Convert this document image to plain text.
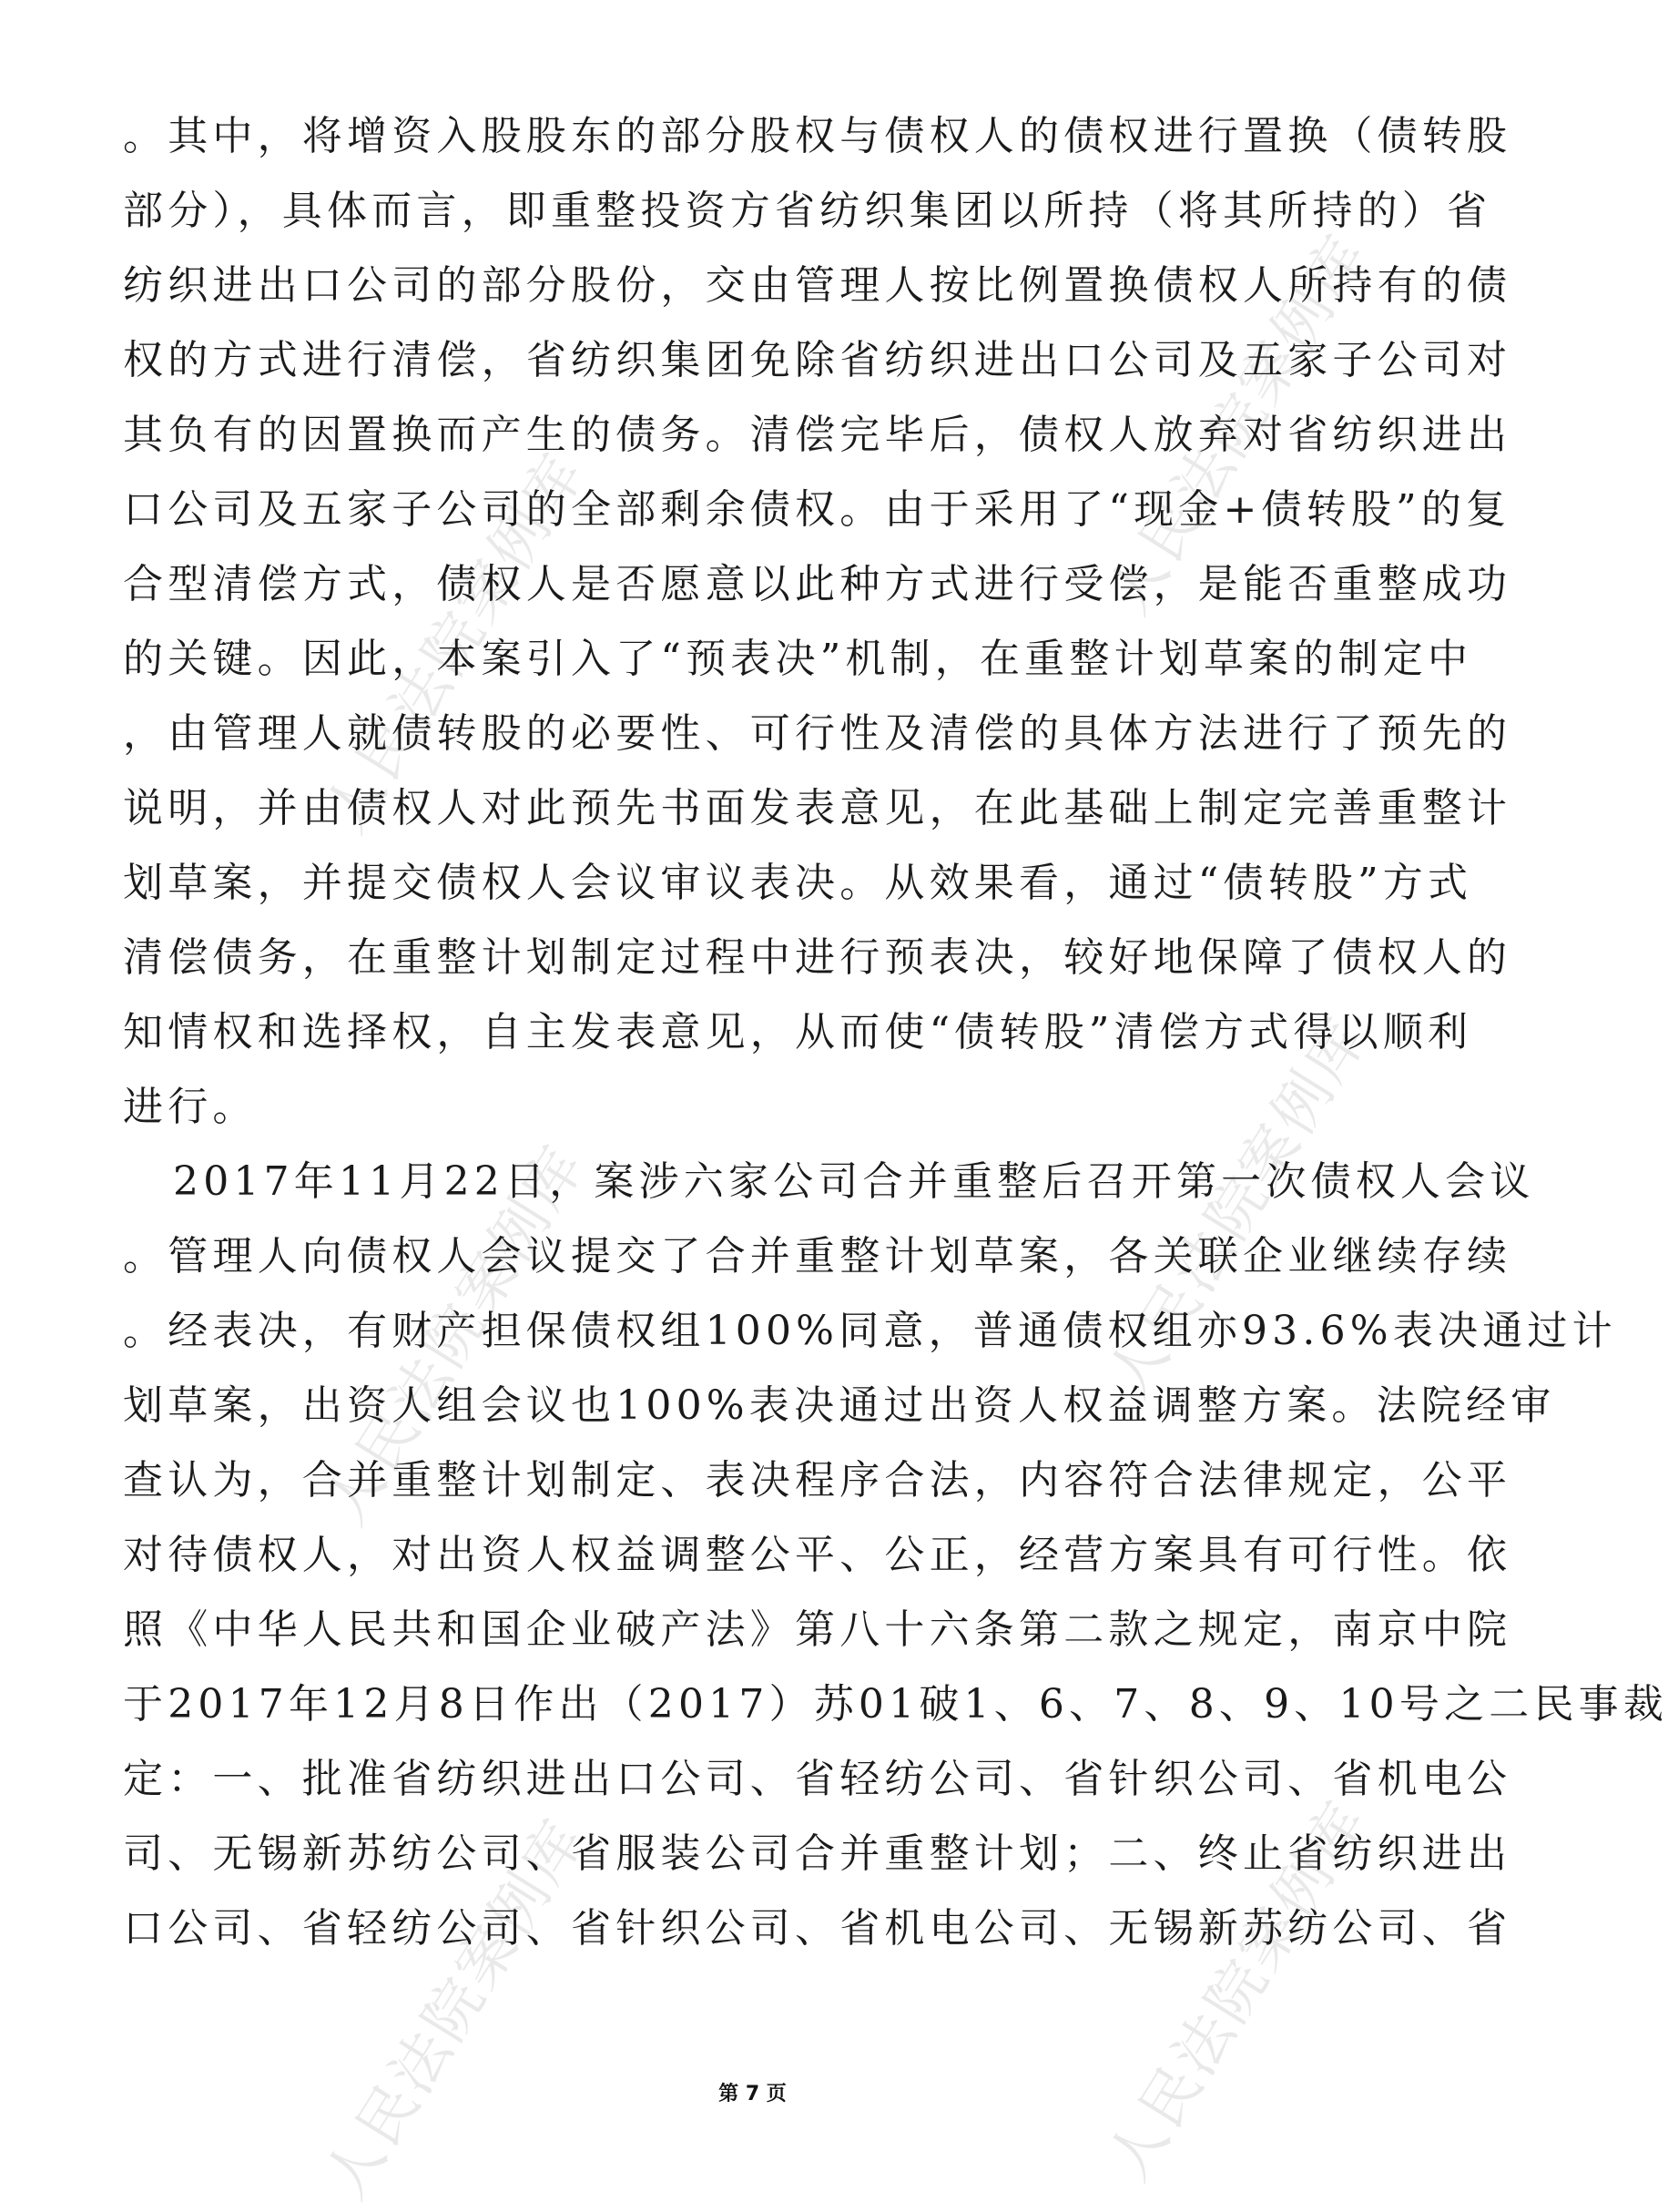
人民法院案例库
人民法院案例库
人民法院案例库	人民法院案例库
人民法院案例库	人民法院案例库
。其中，将增资入股股东的部分股权与债权人的债权进行置换（债转股
部分），具体而言，即重整投资方省纺织集团以所持（将其所持的）省
纺织进出口公司的部分股份，交由管理人按比例置换债权人所持有的债
权的方式进行清偿，省纺织集团免除省纺织进出口公司及五家子公司对
其负有的因置换而产生的债务。清偿完毕后，债权人放弃对省纺织进出
口公司及五家子公司的全部剩余债权。由于采用了“现金+债转股”的复
合型清偿方式，债权人是否愿意以此种方式进行受偿，是能否重整成功
的关键。因此，本案引入了“预表决”机制，在重整计划草案的制定中
，由管理人就债转股的必要性、可行性及清偿的具体方法进行了预先的
说明，并由债权人对此预先书面发表意见，在此基础上制定完善重整计
划草案，并提交债权人会议审议表决。从效果看，通过“债转股”方式
清偿债务，在重整计划制定过程中进行预表决，较好地保障了债权人的
知情权和选择权，自主发表意见，从而使“债转股”清偿方式得以顺利
进行。
2017年11月22日，案涉六家公司合并重整后召开第一次债权人会议
。管理人向债权人会议提交了合并重整计划草案，各关联企业继续存续
。经表决，有财产担保债权组100%同意，普通债权组亦93.6%表决通过计
划草案，出资人组会议也100%表决通过出资人权益调整方案。法院经审
查认为，合并重整计划制定、表决程序合法，内容符合法律规定，公平
对待债权人，对出资人权益调整公平、公正，经营方案具有可行性。依
照《中华人民共和国企业破产法》第八十六条第二款之规定，南京中院
于2017年12月8日作出（2017）苏01破1、6、7、8、9、10号之二民事裁
定：一、批准省纺织进出口公司、省轻纺公司、省针织公司、省机电公
司、无锡新苏纺公司、省服装公司合并重整计划；二、终止省纺织进出
口公司、省轻纺公司、省针织公司、省机电公司、无锡新苏纺公司、省
第 7 页
